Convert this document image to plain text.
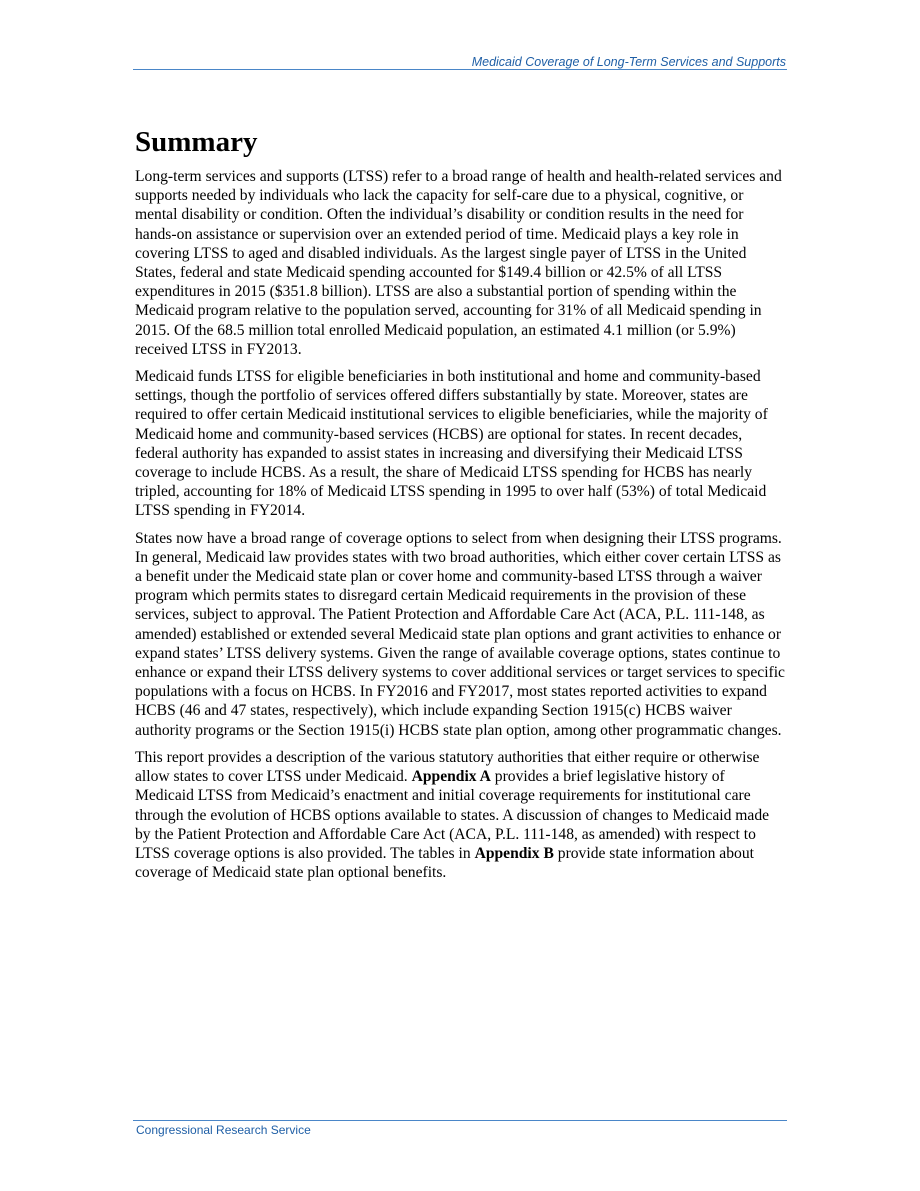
Medicaid Coverage of Long-Term Services and Supports
Summary

Long-term services and supports (LTSS) refer to a broad range of health and health-related services and supports needed by individuals who lack the capacity for self-care due to a physical, cognitive, or mental disability or condition. Often the individual’s disability or condition results in the need for hands-on assistance or supervision over an extended period of time. Medicaid plays a key role in covering LTSS to aged and disabled individuals. As the largest single payer of LTSS in the United States, federal and state Medicaid spending accounted for $149.4 billion or 42.5% of all LTSS expenditures in 2015 ($351.8 billion). LTSS are also a substantial portion of spending within the Medicaid program relative to the population served, accounting for 31% of all Medicaid spending in 2015. Of the 68.5 million total enrolled Medicaid population, an estimated 4.1 million (or 5.9%) received LTSS in FY2013.

Medicaid funds LTSS for eligible beneficiaries in both institutional and home and community-based settings, though the portfolio of services offered differs substantially by state. Moreover, states are required to offer certain Medicaid institutional services to eligible beneficiaries, while the majority of Medicaid home and community-based services (HCBS) are optional for states. In recent decades, federal authority has expanded to assist states in increasing and diversifying their Medicaid LTSS coverage to include HCBS. As a result, the share of Medicaid LTSS spending for HCBS has nearly tripled, accounting for 18% of Medicaid LTSS spending in 1995 to over half (53%) of total Medicaid LTSS spending in FY2014.

States now have a broad range of coverage options to select from when designing their LTSS programs. In general, Medicaid law provides states with two broad authorities, which either cover certain LTSS as a benefit under the Medicaid state plan or cover home and community-based LTSS through a waiver program which permits states to disregard certain Medicaid requirements in the provision of these services, subject to approval. The Patient Protection and Affordable Care Act (ACA, P.L. 111-148, as amended) established or extended several Medicaid state plan options and grant activities to enhance or expand states’ LTSS delivery systems. Given the range of available coverage options, states continue to enhance or expand their LTSS delivery systems to cover additional services or target services to specific populations with a focus on HCBS. In FY2016 and FY2017, most states reported activities to expand HCBS (46 and 47 states, respectively), which include expanding Section 1915(c) HCBS waiver authority programs or the Section 1915(i) HCBS state plan option, among other programmatic changes.

This report provides a description of the various statutory authorities that either require or otherwise allow states to cover LTSS under Medicaid. Appendix A provides a brief legislative history of Medicaid LTSS from Medicaid’s enactment and initial coverage requirements for institutional care through the evolution of HCBS options available to states. A discussion of changes to Medicaid made by the Patient Protection and Affordable Care Act (ACA, P.L. 111-148, as amended) with respect to LTSS coverage options is also provided. The tables in Appendix B provide state information about coverage of Medicaid state plan optional benefits.

Congressional Research Service
